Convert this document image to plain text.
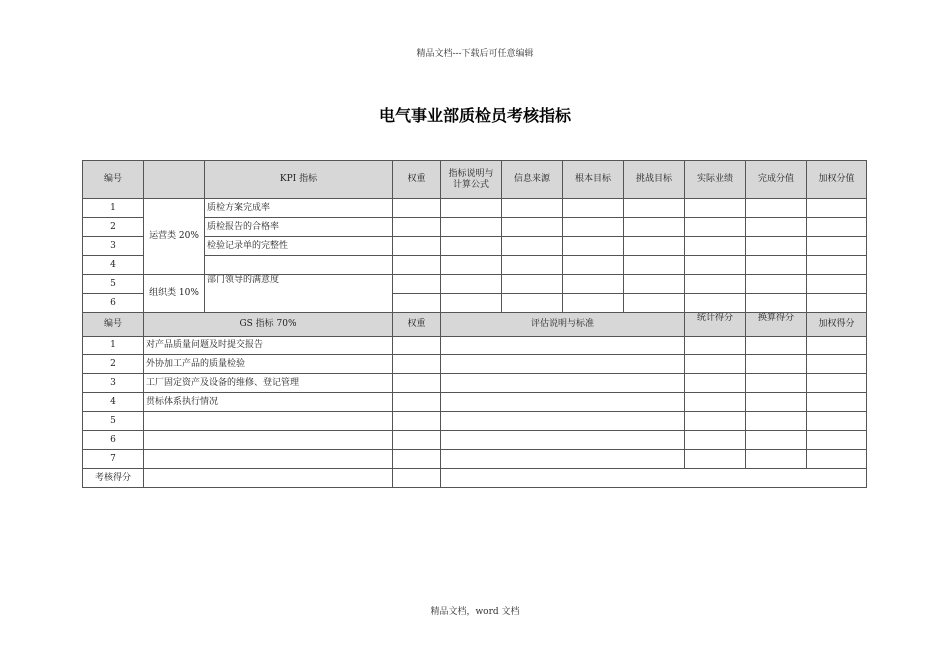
精品文档---下载后可任意编辑
电气事业部质检员考核指标
编号		KPI 指标	权重	指标说明与
计算公式	信息来源	根本目标	挑战目标	实际业绩	完成分值	加权分值
1	运营类 20%	质检方案完成率								
2		质检报告的合格率								
3		检验记录单的完整性								
4										
5	组织类 10%	部门领导的满意度								
6										
编号	GS 指标 70%		权重	评估说明与标准				统计得分	换算得分	加权得分
1	对产品质量问题及时提交报告									
2	外协加工产品的质量检验									
3	工厂固定资产及设备的维修、登记管理									
4	贯标体系执行情况									
5										
6										
7										
考核得分										
精品文档，word 文档
